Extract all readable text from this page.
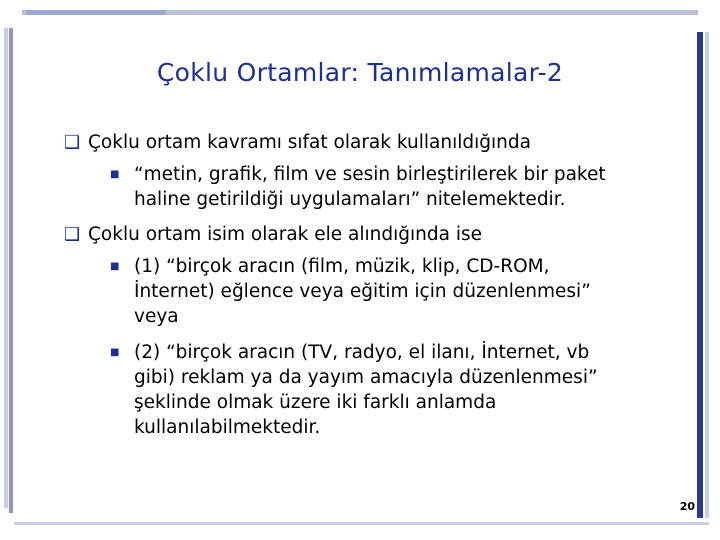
Çoklu Ortamlar: Tanımlamalar-2
❑ Çoklu ortam kavramı sıfat olarak kullanıldığında
■ “metin, grafik, film ve sesin birleştirilerek bir paket
haline getirildiği uygulamaları” nitelemektedir.
❑ Çoklu ortam isim olarak ele alındığında ise
■ (1) “birçok aracın (film, müzik, klip, CD-ROM,
İnternet) eğlence veya eğitim için düzenlenmesi”
veya
■ (2) “birçok aracın (TV, radyo, el ilanı, İnternet, vb
gibi) reklam ya da yayım amacıyla düzenlenmesi”
şeklinde olmak üzere iki farklı anlamda
kullanılabilmektedir.
20
